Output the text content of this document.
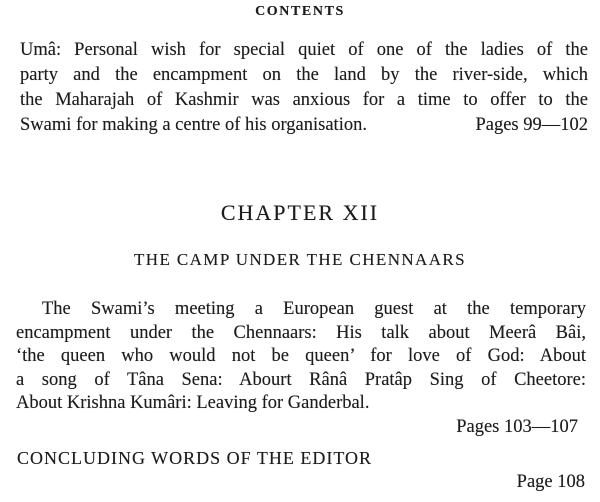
CONTENTS
Umâ: Personal wish for special quiet of one of the ladies of the
party and the encampment on the land by the river-side, which
the Maharajah of Kashmir was anxious for a time to offer to the
Swami for making a centre of his organisation.	Pages 99—102
CHAPTER XII
THE CAMP UNDER THE CHENNAARS
The Swami’s meeting a European guest at the temporary
encampment under the Chennaars: His talk about Meerâ Bâi,
‘the queen who would not be queen’ for love of God: About
a song of Tâna Sena: Abourt Rânâ Pratâp Sing of Cheetore:
About Krishna Kumâri: Leaving for Ganderbal.
Pages 103—107
CONCLUDING WORDS OF THE EDITOR
Page 108
